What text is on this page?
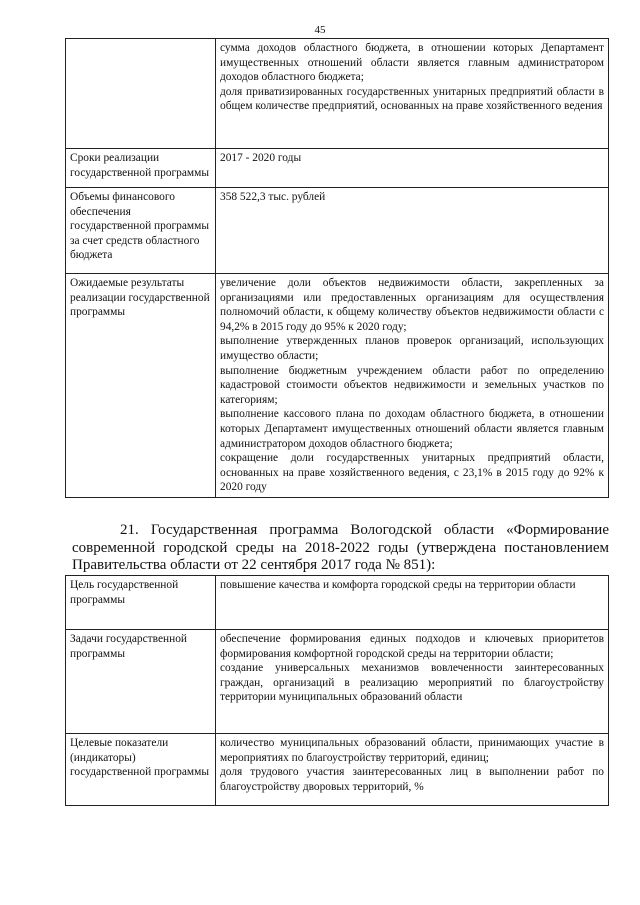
45

	сумма доходов областного бюджета, в отношении которых Департамент имущественных отношений области является главным администратором доходов областного бюджета;

доля приватизированных государственных унитарных предприятий области в общем количестве предприятий, основанных на праве хозяйственного ведения

Сроки реализации государственной программы	2017 - 2020 годы

Объемы финансового обеспечения государственной программы за счет средств областного бюджета	358 522,3 тыс. рублей

Ожидаемые результаты реализации государственной программы	увеличение доли объектов недвижимости области, закрепленных за организациями или предоставленных организациям для осуществления полномочий области, к общему количеству объектов недвижимости области с 94,2% в 2015 году до 95% к 2020 году;

выполнение утвержденных планов проверок организаций, использующих имущество области;

выполнение бюджетным учреждением области работ по определению кадастровой стоимости объектов недвижимости и земельных участков по категориям;

выполнение кассового плана по доходам областного бюджета, в отношении которых Департамент имущественных отношений области является главным администратором доходов областного бюджета;

сокращение доли государственных унитарных предприятий области, основанных на праве хозяйственного ведения, с 23,1% в 2015 году до 92% к 2020 году

21. Государственная программа Вологодской области «Формирование современной городской среды на 2018-2022 годы (утверждена постановлением Правительства области от 22 сентября 2017 года № 851):
Цель государственной программы	повышение качества и комфорта городской среды на территории области

Задачи государственной программы	обеспечение формирования единых подходов и ключевых приоритетов формирования комфортной городской среды на территории области;

создание универсальных механизмов вовлеченности заинтересованных граждан, организаций в реализацию мероприятий по благоустройству территории муниципальных образований области

Целевые показатели (индикаторы) государственной программы	количество муниципальных образований области, принимающих участие в мероприятиях по благоустройству территорий, единиц;

доля трудового участия заинтересованных лиц в выполнении работ по благоустройству дворовых территорий, %
